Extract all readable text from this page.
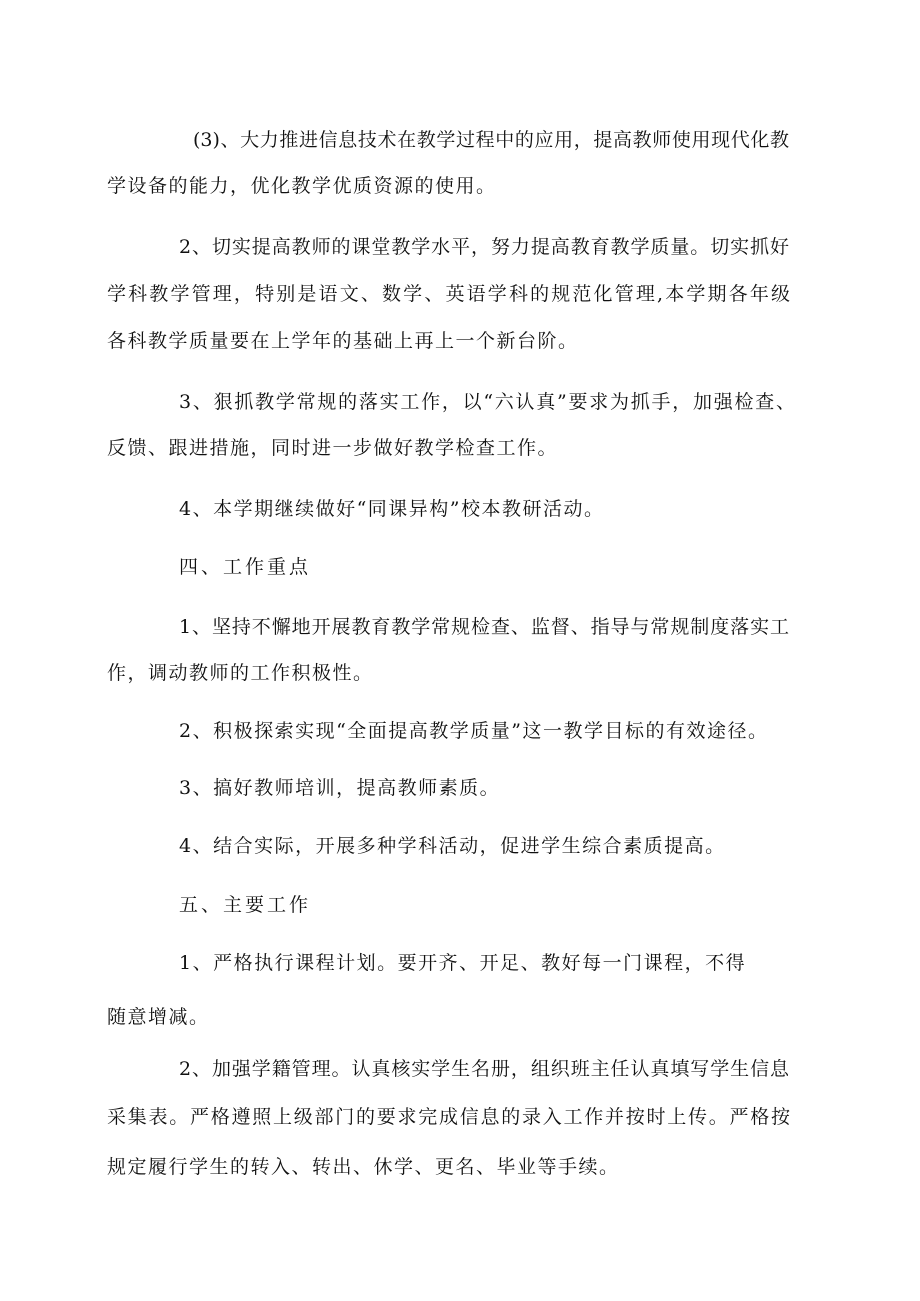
(3)、大力推进信息技术在教学过程中的应用，提高教师使用现代化教
学设备的能力，优化教学优质资源的使用。
2、切实提高教师的课堂教学水平，努力提高教育教学质量。切实抓好
学科教学管理，特别是语文、数学、英语学科的规范化管理,本学期各年级
各科教学质量要在上学年的基础上再上一个新台阶。
3、狠抓教学常规的落实工作，以“六认真”要求为抓手，加强检查、
反馈、跟进措施，同时进一步做好教学检查工作。
4、本学期继续做好“同课异构”校本教研活动。
四、工作重点
1、坚持不懈地开展教育教学常规检查、监督、指导与常规制度落实工
作，调动教师的工作积极性。
2、积极探索实现“全面提高教学质量”这一教学目标的有效途径。
3、搞好教师培训，提高教师素质。
4、结合实际，开展多种学科活动，促进学生综合素质提高。
五、主要工作
1、严格执行课程计划。要开齐、开足、教好每一门课程，不得
随意增减。
2、加强学籍管理。认真核实学生名册，组织班主任认真填写学生信息
采集表。严格遵照上级部门的要求完成信息的录入工作并按时上传。严格按
规定履行学生的转入、转出、休学、更名、毕业等手续。
